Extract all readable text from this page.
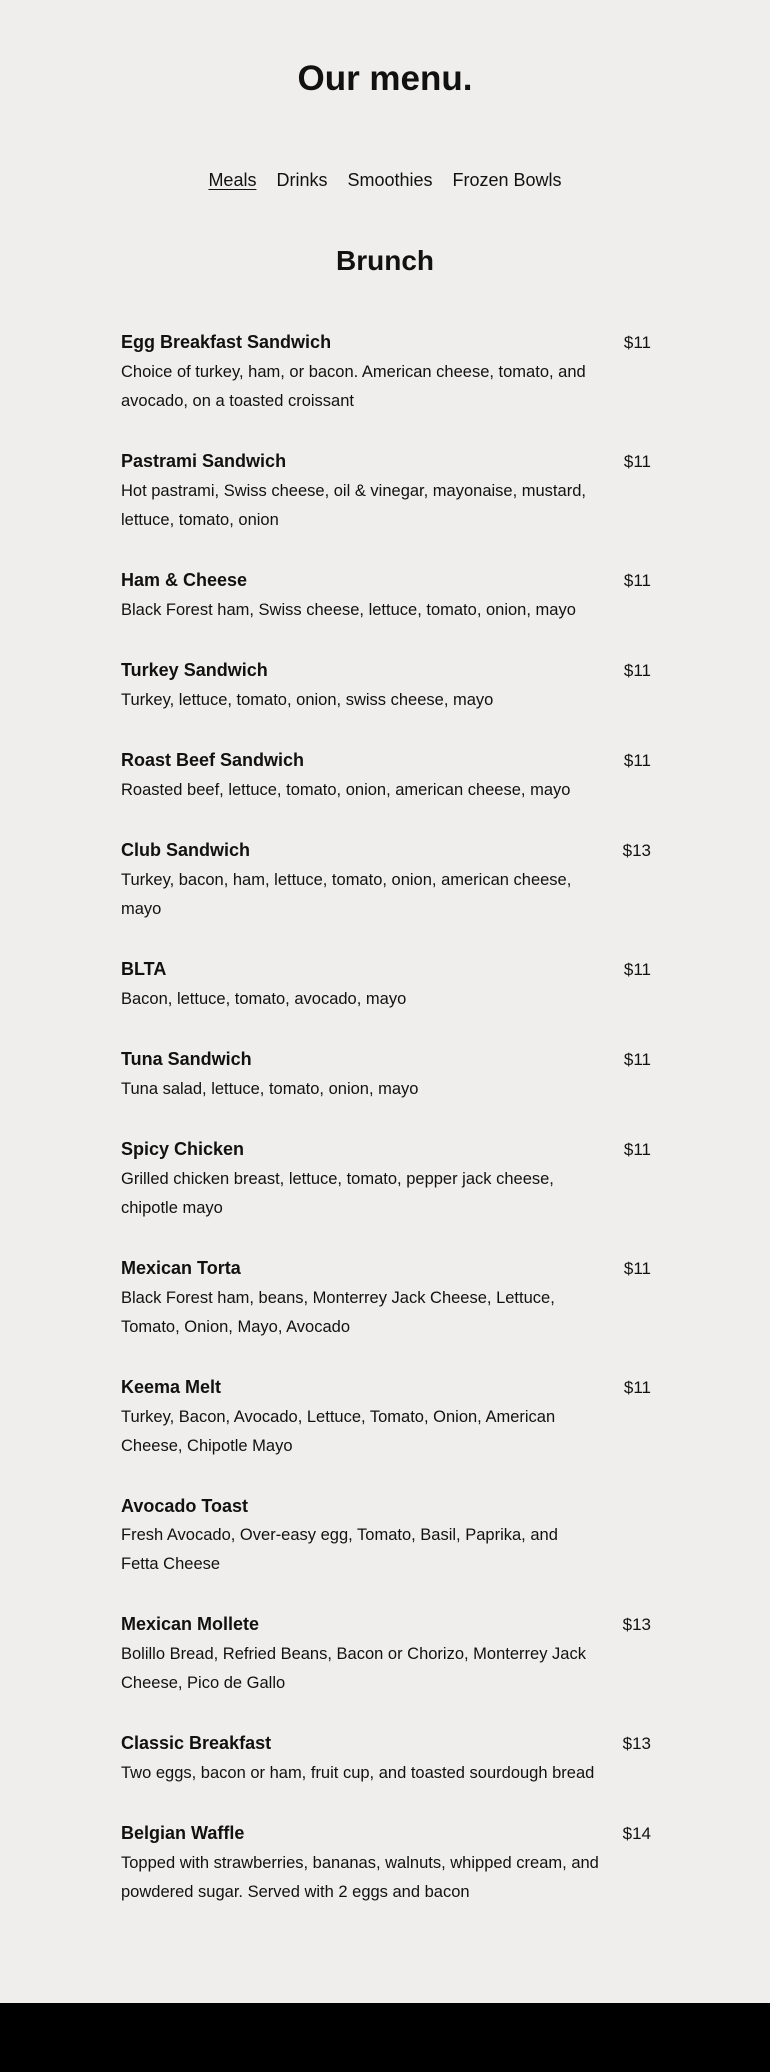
Our menu.
Meals Drinks Smoothies Frozen Bowls
Brunch
Egg Breakfast Sandwich	$11

Choice of turkey, ham, or bacon. American cheese, tomato, and avocado, on a toasted croissant

Pastrami Sandwich	$11

Hot pastrami, Swiss cheese, oil & vinegar, mayonaise, mustard, lettuce, tomato, onion

Ham & Cheese	$11

Black Forest ham, Swiss cheese, lettuce, tomato, onion, mayo

Turkey Sandwich	$11

Turkey, lettuce, tomato, onion, swiss cheese, mayo

Roast Beef Sandwich	$11

Roasted beef, lettuce, tomato, onion, american cheese, mayo

Club Sandwich	$13

Turkey, bacon, ham, lettuce, tomato, onion, american cheese, mayo

BLTA	$11

Bacon, lettuce, tomato, avocado, mayo

Tuna Sandwich	$11

Tuna salad, lettuce, tomato, onion, mayo

Spicy Chicken	$11

Grilled chicken breast, lettuce, tomato, pepper jack cheese, chipotle mayo

Mexican Torta	$11

Black Forest ham, beans, Monterrey Jack Cheese, Lettuce, Tomato, Onion, Mayo, Avocado

Keema Melt	$11

Turkey, Bacon, Avocado, Lettuce, Tomato, Onion, American Cheese, Chipotle Mayo

Avocado Toast

Fresh Avocado, Over-easy egg, Tomato, Basil, Paprika, and Fetta Cheese

Mexican Mollete	$13

Bolillo Bread, Refried Beans, Bacon or Chorizo, Monterrey Jack Cheese, Pico de Gallo

Classic Breakfast	$13

Two eggs, bacon or ham, fruit cup, and toasted sourdough bread

Belgian Waffle	$14

Topped with strawberries, bananas, walnuts, whipped cream, and powdered sugar. Served with 2 eggs and bacon
